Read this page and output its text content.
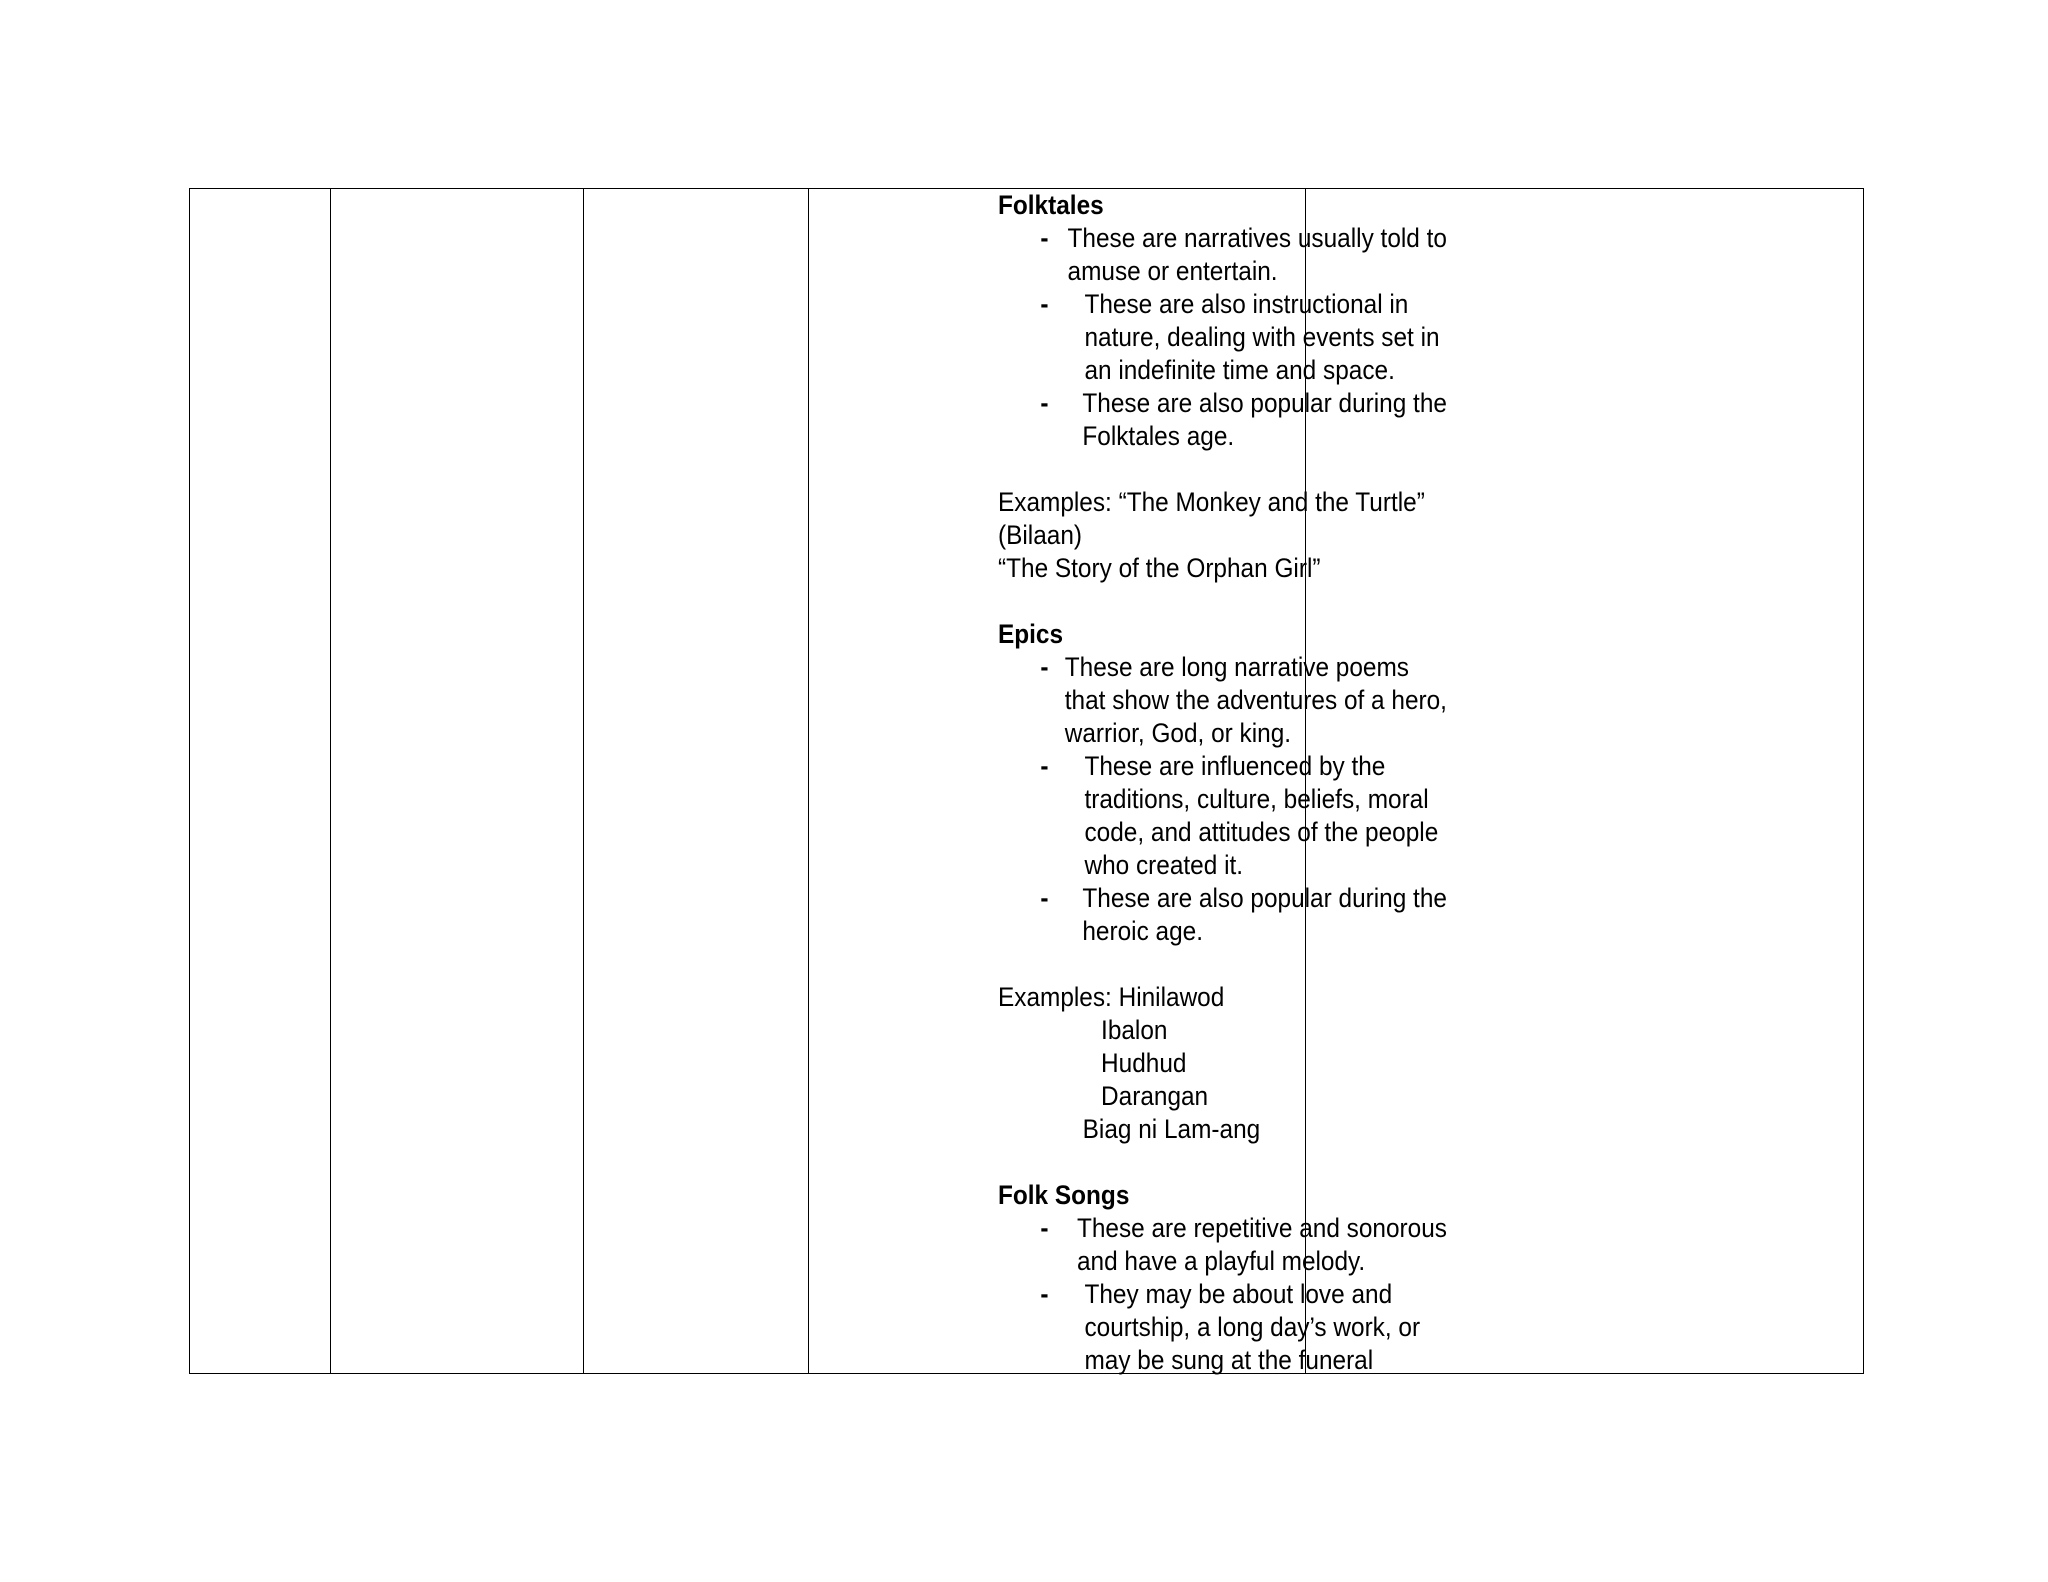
Folktales
- These are narratives usually told to
amuse or entertain.
-	These are also instructional in
nature, dealing with events set in
an indefinite time and space.
-	These are also popular during the
Folktales age.
Examples: “The Monkey and the Turtle”
(Bilaan)
“The Story of the Orphan Girl”
Epics
- These are long narrative poems
that show the adventures of a hero,
warrior, God, or king.
-	These are influenced by the
traditions, culture, beliefs, moral
code, and attitudes of the people
who created it.
-	These are also popular during the
heroic age.
Examples: Hinilawod
Ibalon
Hudhud
Darangan
Biag ni Lam-ang
Folk Songs
-	These are repetitive and sonorous
and have a playful melody.
-	They may be about love and
courtship, a long day’s work, or
may be sung at the funeral
